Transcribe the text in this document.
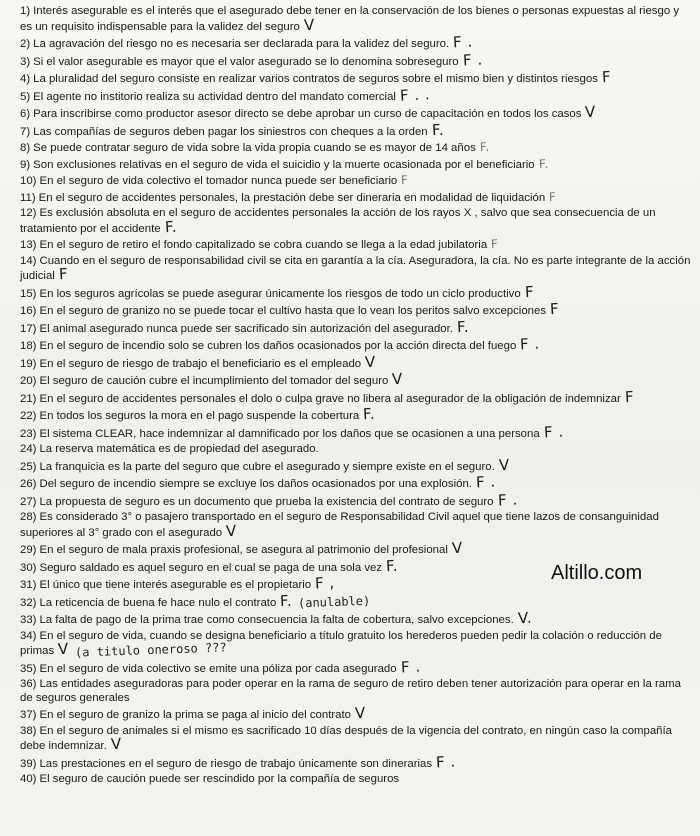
1) Interés asegurable es el interés que el asegurado debe tener en la conservación de los bienes o personas expuestas al riesgo y es un requisito indispensable para la validez del seguro V
2) La agravación del riesgo no es necesaria ser declarada para la validez del seguro. F .
3) Si el valor asegurable es mayor que el valor asegurado se lo denomina sobreseguro F .
4) La pluralidad del seguro consiste en realizar varios contratos de seguros sobre el mismo bien y distintos riesgos F
5) El agente no institorio realiza su actividad dentro del mandato comercial F . .
6) Para inscribirse como productor asesor directo se debe aprobar un curso de capacitación en todos los casos V
7) Las compañías de seguros deben pagar los siniestros con cheques a la orden F.
8) Se puede contratar seguro de vida sobre la vida propia cuando se es mayor de 14 años F.
9) Son exclusiones relativas en el seguro de vida el suicidio y la muerte ocasionada por el beneficiario F.
10) En el seguro de vida colectivo el tomador nunca puede ser beneficiario F
11) En el seguro de accidentes personales, la prestación debe ser dineraria en modalidad de liquidación F
12) Es exclusión absoluta en el seguro de accidentes personales la acción de los rayos X , salvo que sea consecuencia de un tratamiento por el accidente F.
13) En el seguro de retiro el fondo capitalizado se cobra cuando se llega a la edad jubilatoria F
14) Cuando en el seguro de responsabilidad civil se cita en garantía a la cía. Aseguradora, la cía. No es parte integrante de la acción judicial F
15) En los seguros agrícolas se puede asegurar únicamente los riesgos de todo un ciclo productivo F
16) En el seguro de granizo no se puede tocar el cultivo hasta que lo vean los peritos salvo excepciones F
17) El animal asegurado nunca puede ser sacrificado sin autorización del asegurador. F.
18) En el seguro de incendio solo se cubren los daños ocasionados por la acción directa del fuego F .
19) En el seguro de riesgo de trabajo el beneficiario es el empleado V
20) El seguro de caución cubre el incumplimiento del tomador del seguro V
21) En el seguro de accidentes personales el dolo o culpa grave no libera al asegurador de la obligación de indemnizar F
22) En todos los seguros la mora en el pago suspende la cobertura F.
23) El sistema CLEAR, hace indemnizar al damnificado por los daños que se ocasionen a una persona F .
24) La reserva matemática es de propiedad del asegurado.
25) La franquicia es la parte del seguro que cubre el asegurado y siempre existe en el seguro. V
26) Del seguro de incendio siempre se excluye los daños ocasionados por una explosión. F .
27) La propuesta de seguro es un documento que prueba la existencia del contrato de seguro F .
28) Es considerado 3° o pasajero transportado en el seguro de Responsabilidad Civil aquel que tiene lazos de consanguinidad superiores al 3° grado con el asegurado V
29) En el seguro de mala praxis profesional, se asegura al patrimonio del profesional V
30) Seguro saldado es aquel seguro en el cual se paga de una sola vez F.
31) El único que tiene interés asegurable es el propietario F ,
32) La reticencia de buena fe hace nulo el contrato F. (anulable)
33) La falta de pago de la prima trae como consecuencia la falta de cobertura, salvo excepciones. V.
34) En el seguro de vida, cuando se designa beneficiario a título gratuito los herederos pueden pedir la colación o reducción de primas V (a titulo oneroso ???
35) En el seguro de vida colectivo se emite una póliza por cada asegurado F .
36) Las entidades aseguradoras para poder operar en la rama de seguro de retiro deben tener autorización para operar en la rama de seguros generales
37) En el seguro de granizo la prima se paga al inicio del contrato V
38) En el seguro de animales si el mismo es sacrificado 10 días después de la vigencia del contrato, en ningún caso la compañía debe indemnizar. V
39) Las prestaciones en el seguro de riesgo de trabajo únicamente son dinerarias F .
40) El seguro de caución puede ser rescindido por la compañía de seguros
Altillo.com
